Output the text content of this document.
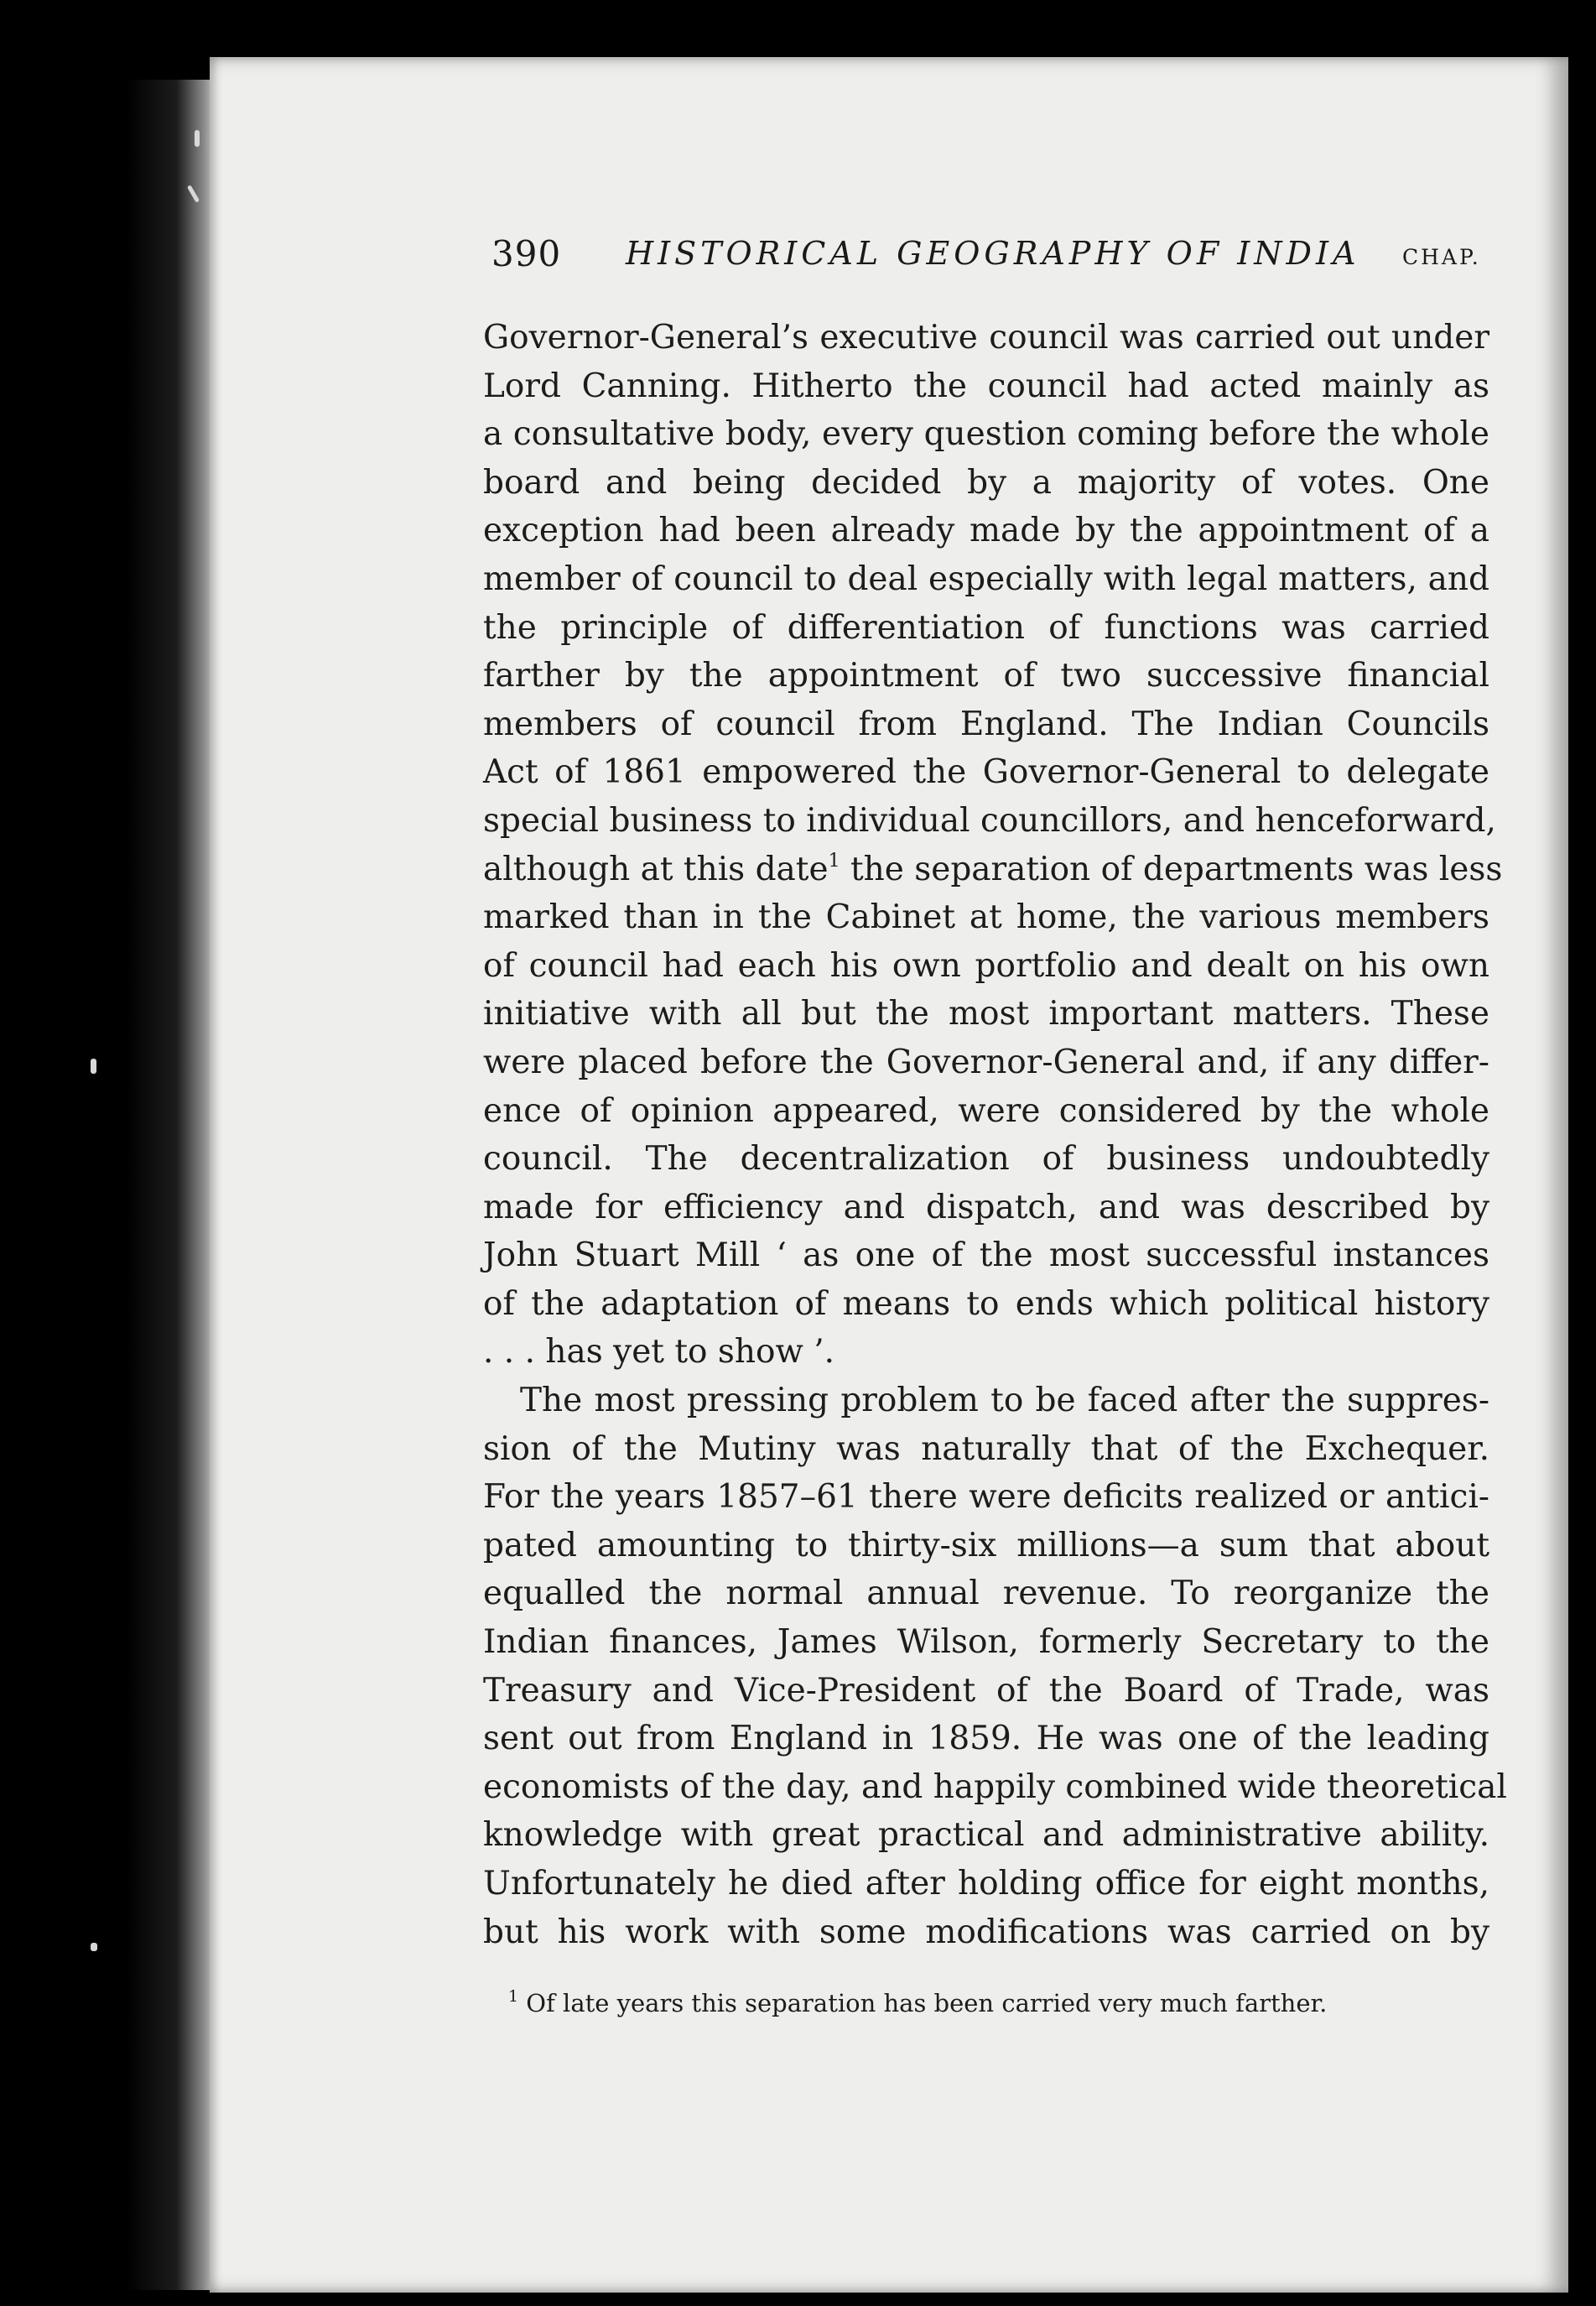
390 HISTORICAL GEOGRAPHY OF INDIA CHAP.
Governor-General’s executive council was carried out under
Lord Canning. Hitherto the council had acted mainly as
a consultative body, every question coming before the whole
board and being decided by a majority of votes. One
exception had been already made by the appointment of a
member of council to deal especially with legal matters, and
the principle of differentiation of functions was carried
farther by the appointment of two successive financial
members of council from England. The Indian Councils
Act of 1861 empowered the Governor-General to delegate
special business to individual councillors, and henceforward,
although at this date$^1$ the separation of departments was less
marked than in the Cabinet at home, the various members
of council had each his own portfolio and dealt on his own
initiative with all but the most important matters. These
were placed before the Governor-General and, if any differ-
ence of opinion appeared, were considered by the whole
council. The decentralization of business undoubtedly
made for efficiency and dispatch, and was described by
John Stuart Mill ‘ as one of the most successful instances
of the adaptation of means to ends which political history
. . . has yet to show ’.
The most pressing problem to be faced after the suppres-
sion of the Mutiny was naturally that of the Exchequer.
For the years 1857–61 there were deficits realized or antici-
pated amounting to thirty-six millions—a sum that about
equalled the normal annual revenue. To reorganize the
Indian finances, James Wilson, formerly Secretary to the
Treasury and Vice-President of the Board of Trade, was
sent out from England in 1859. He was one of the leading
economists of the day, and happily combined wide theoretical
knowledge with great practical and administrative ability.
Unfortunately he died after holding office for eight months,
but his work with some modifications was carried on by
$^1$ Of late years this separation has been carried very much farther.
